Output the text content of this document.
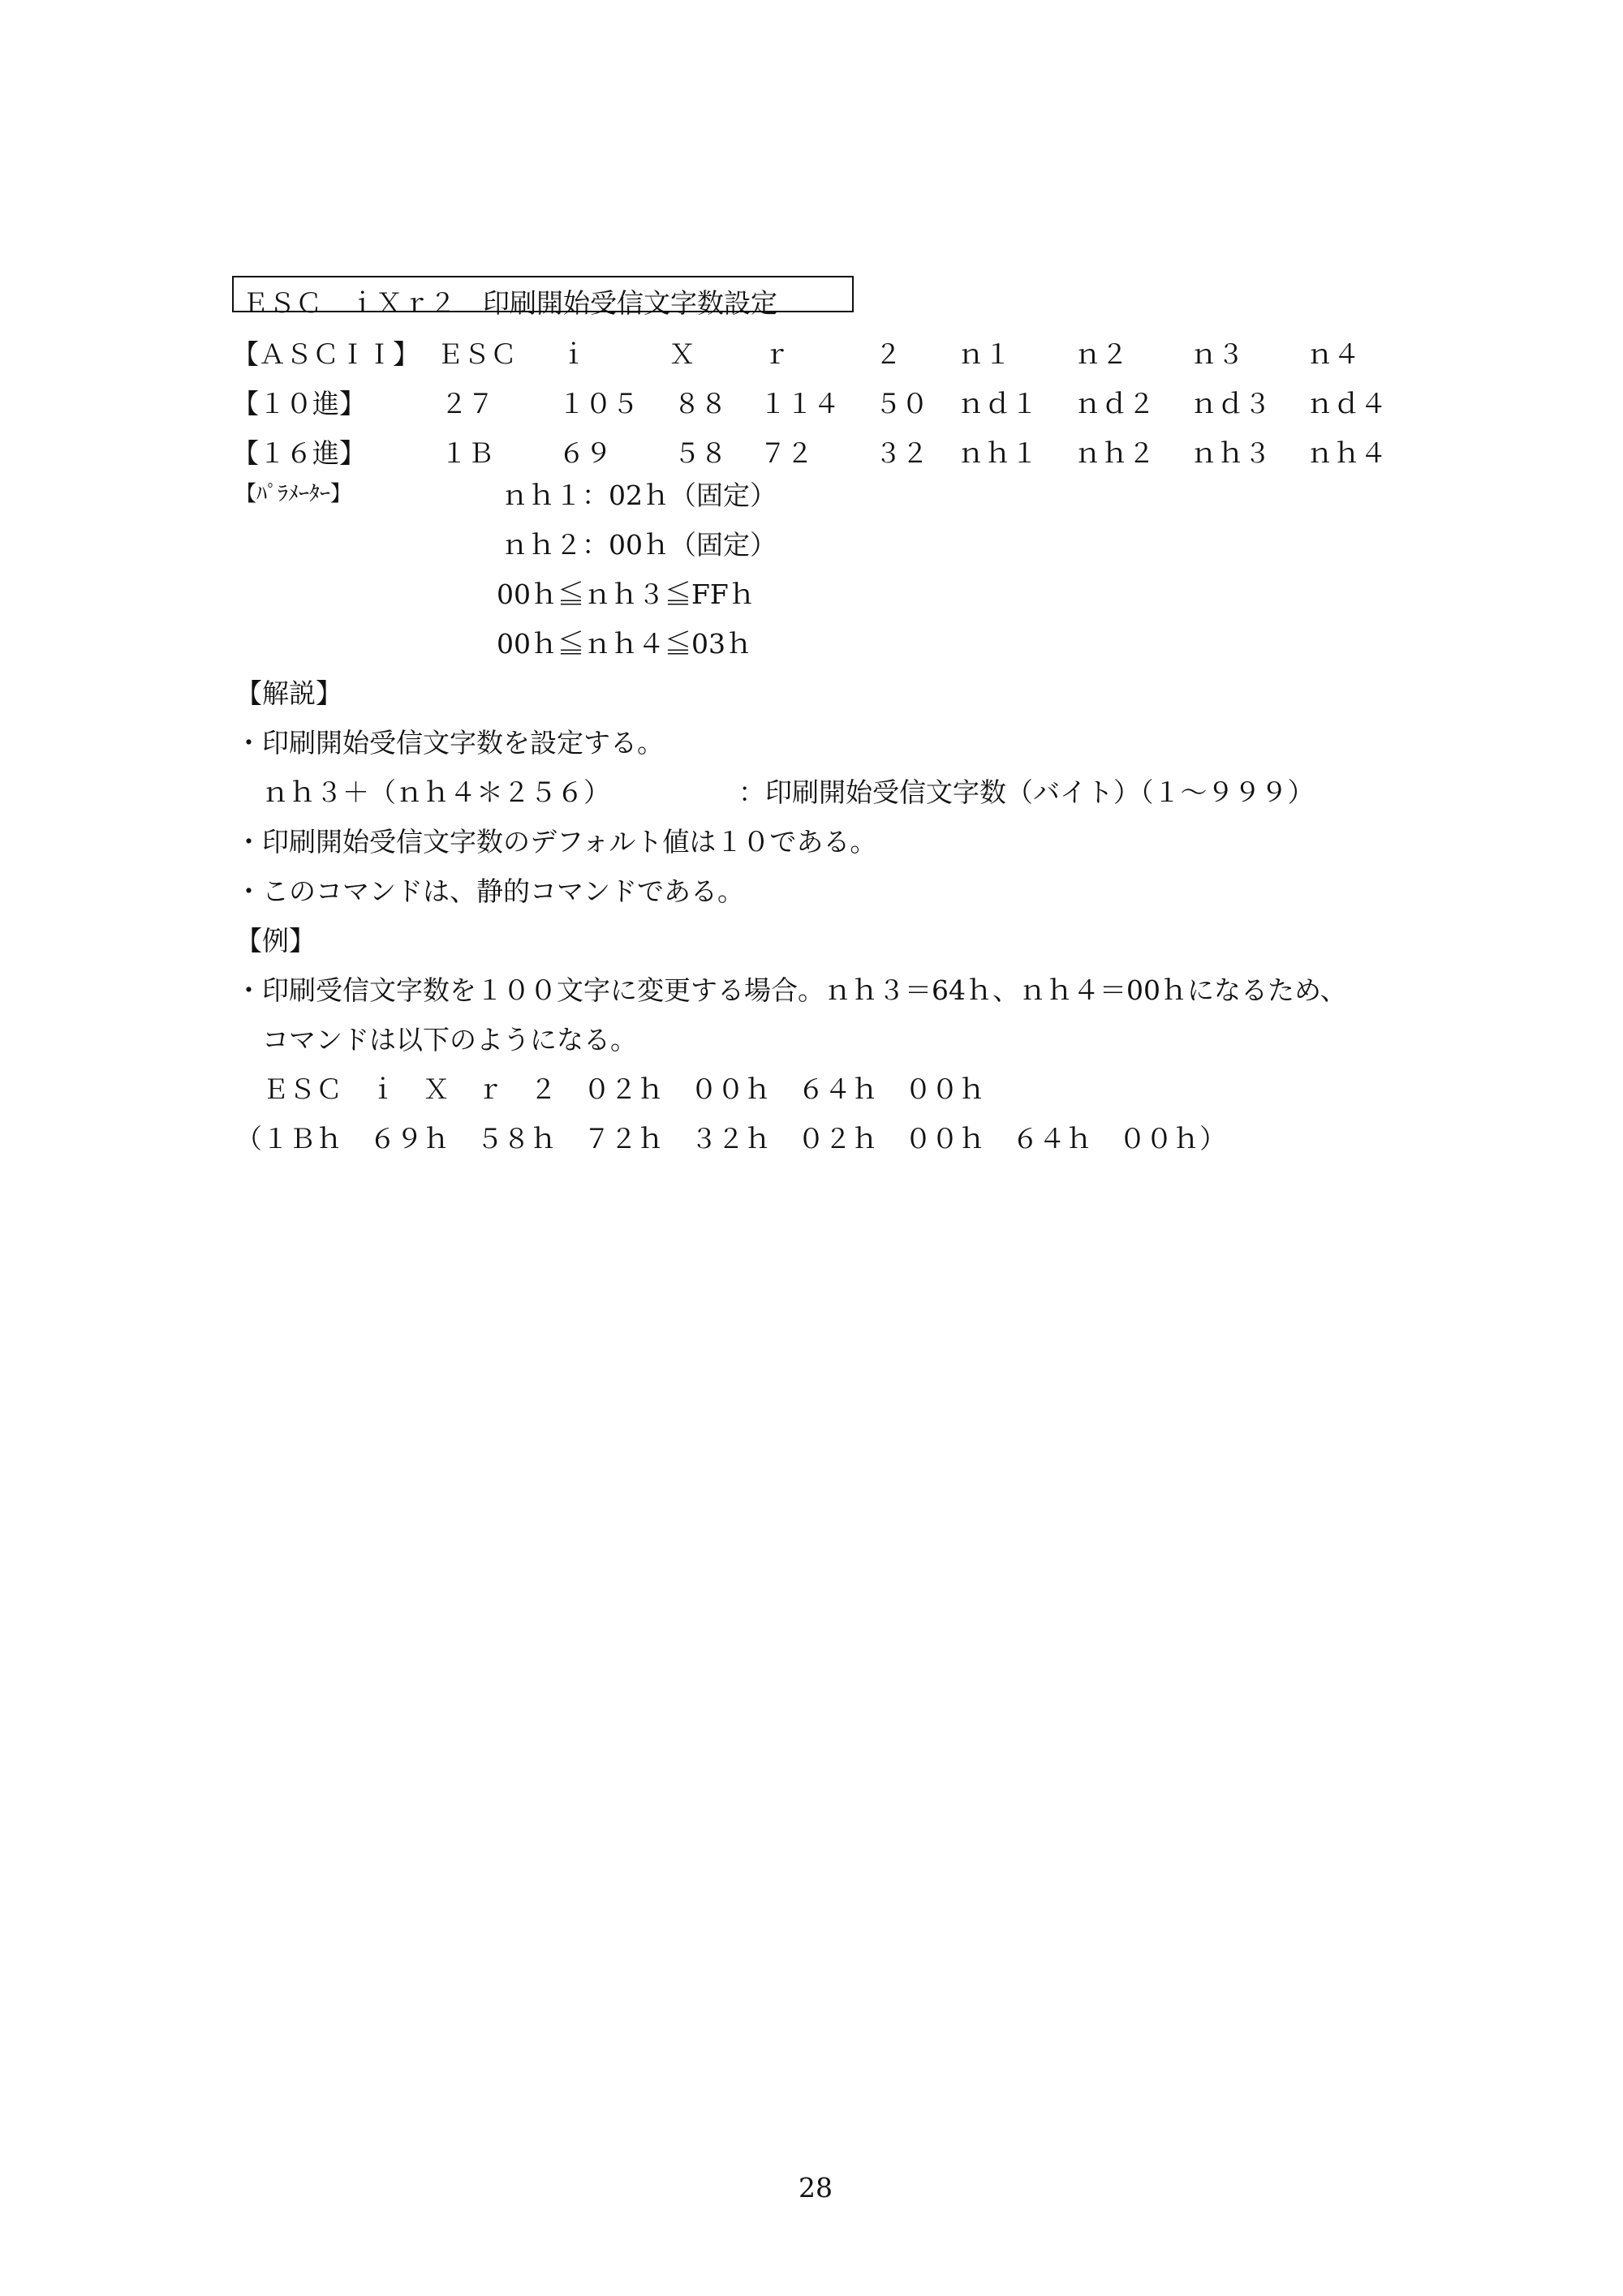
ＥＳＣ　ｉＸｒ２　印刷開始受信文字数設定
【ＡＳＣＩＩ】 ＥＳＣ ｉ	Ｘ	ｒ	２ ｎ１ ｎ２ ｎ３ ｎ４
【１０進】	２７ １０５ ８８ １１４ ５０ ｎｄ１ ｎｄ２ ｎｄ３ ｎｄ４
【１６進】	１Ｂ ６９ ５８ ７２ ３２ ｎｈ１ ｎｈ２ ｎｈ３ ｎｈ４
【ﾊﾟﾗﾒｰﾀｰ】	ｎｈ１：02ｈ（固定）
ｎｈ２：00ｈ（固定）
00ｈ≦ｎｈ３≦FFｈ
00ｈ≦ｎｈ４≦03ｈ
【解説】
・印刷開始受信文字数を設定する。
　ｎｈ３＋（ｎｈ４＊２５６）	：印刷開始受信文字数（バイト）（１～９９９）
・印刷開始受信文字数のデフォルト値は１０である。
・このコマンドは、静的コマンドである。
【例】
・印刷受信文字数を１００文字に変更する場合。ｎｈ３＝64ｈ、ｎｈ４＝00ｈになるため、
　コマンドは以下のようになる。
　ＥＳＣ　ｉ　Ｘ　ｒ　２　０２ｈ　００ｈ　６４ｈ　００ｈ
（１Ｂｈ　６９ｈ　５８ｈ　７２ｈ　３２ｈ　０２ｈ　００ｈ　６４ｈ　００ｈ）
28
